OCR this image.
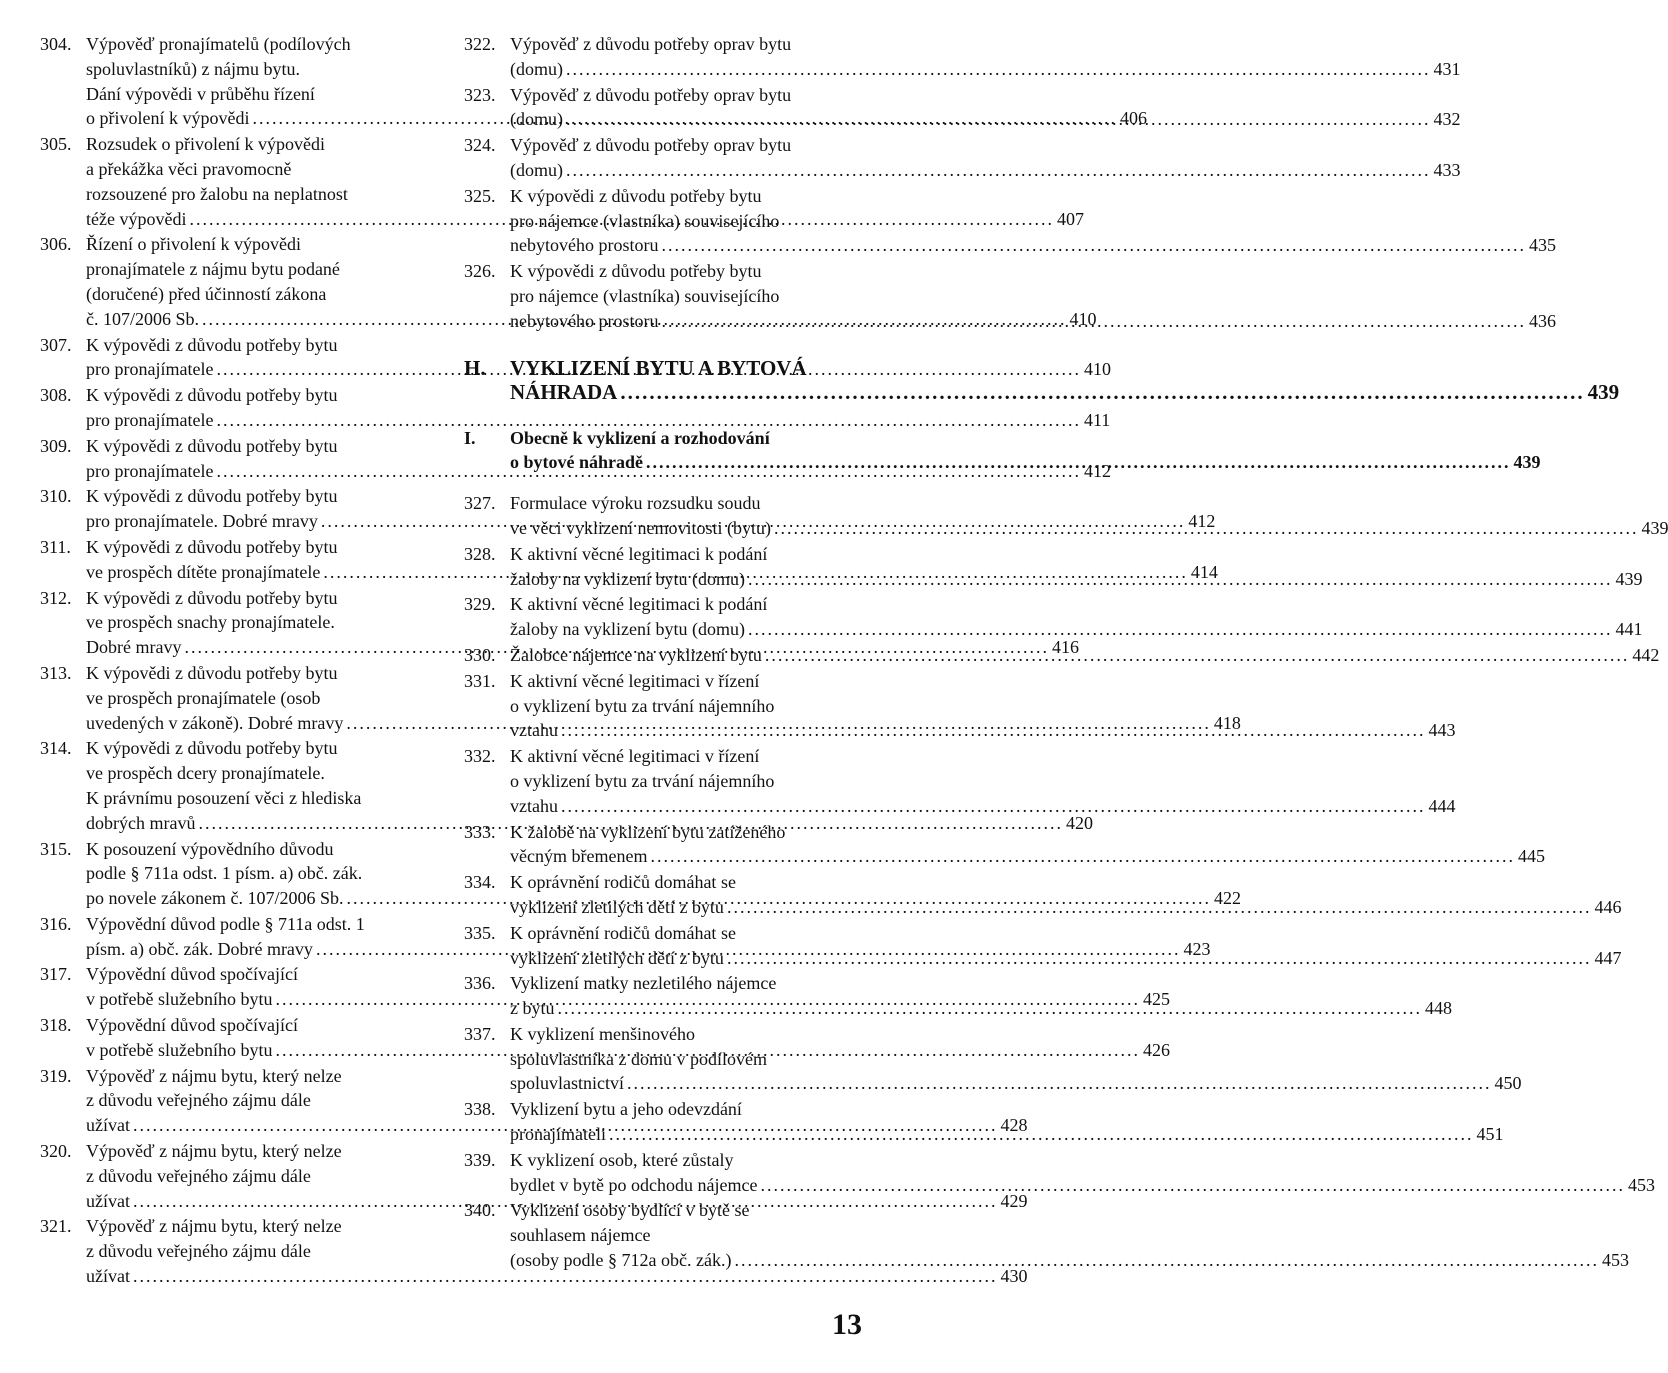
304. Výpověď pronajímatelů (podílových
spoluvlastníků) z nájmu bytu.
Dání výpovědi v průběhu řízení
o přivolení k výpovědi .....	406
305. Rozsudek o přivolení k výpovědi
a překážka věci pravomocně
rozsouzené pro žalobu na neplatnost
téže výpovědi .....	407
306. Řízení o přivolení k výpovědi
pronajímatele z nájmu bytu podané
(doručené) před účinností zákona
č. 107/2006 Sb. .....	410
307. K výpovědi z důvodu potřeby bytu
pro pronajímatele .....	410
308. K výpovědi z důvodu potřeby bytu
pro pronajímatele .....	411
309. K výpovědi z důvodu potřeby bytu
pro pronajímatele .....	412
310. K výpovědi z důvodu potřeby bytu
pro pronajímatele. Dobré mravy .....	412
311. K výpovědi z důvodu potřeby bytu
ve prospěch dítěte pronajímatele .....	414
312. K výpovědi z důvodu potřeby bytu
ve prospěch snachy pronajímatele.
Dobré mravy .....	416
313. K výpovědi z důvodu potřeby bytu
ve prospěch pronajímatele (osob
uvedených v zákoně). Dobré mravy .....	418
314. K výpovědi z důvodu potřeby bytu
ve prospěch dcery pronajímatele.
K právnímu posouzení věci z hlediska
dobrých mravů .....	420
315. K posouzení výpovědního důvodu
podle § 711a odst. 1 písm. a) obč. zák.
po novele zákonem č. 107/2006 Sb. .....	422
316. Výpovědní důvod podle § 711a odst. 1
písm. a) obč. zák. Dobré mravy .....	423
317. Výpovědní důvod spočívající
v potřebě služebního bytu .....	425
318. Výpovědní důvod spočívající
v potřebě služebního bytu .....	426
319. Výpověď z nájmu bytu, který nelze
z důvodu veřejného zájmu dále
užívat .....	428
320. Výpověď z nájmu bytu, který nelze
z důvodu veřejného zájmu dále
užívat .....	429
321. Výpověď z nájmu bytu, který nelze
z důvodu veřejného zájmu dále
užívat .....	430
322. Výpověď z důvodu potřeby oprav bytu
(domu) .....	431
323. Výpověď z důvodu potřeby oprav bytu
(domu) .....	432
324. Výpověď z důvodu potřeby oprav bytu
(domu) .....	433
325. K výpovědi z důvodu potřeby bytu
pro nájemce (vlastníka) souvisejícího
nebytového prostoru .....	435
326. K výpovědi z důvodu potřeby bytu
pro nájemce (vlastníka) souvisejícího
nebytového prostoru .....	436
H.	VYKLIZENÍ BYTU A BYTOVÁ
NÁHRADA .....	439
I.	Obecně k vyklizení a rozhodování
o bytové náhradě .....	439
327. Formulace výroku rozsudku soudu
ve věci vyklizení nemovitosti (bytu) .....	439
328. K aktivní věcné legitimaci k podání
žaloby na vyklizení bytu (domu) .....	439
329. K aktivní věcné legitimaci k podání
žaloby na vyklizení bytu (domu) .....	441
330. Žalobce nájemce na vyklizení bytu .....	442
331. K aktivní věcné legitimaci v řízení
o vyklizení bytu za trvání nájemního
vztahu .....	443
332. K aktivní věcné legitimaci v řízení
o vyklizení bytu za trvání nájemního
vztahu .....	444
333. K žalobě na vyklizení bytu zatíženého
věcným břemenem .....	445
334. K oprávnění rodičů domáhat se
vyklizení zletilých dětí z bytu .....	446
335. K oprávnění rodičů domáhat se
vyklizení zletilých dětí z bytu .....	447
336. Vyklizení matky nezletilého nájemce
z bytu .....	448
337. K vyklizení menšinového
spoluvlastníka z domu v podílovém
spoluvlastnictví .....	450
338. Vyklizení bytu a jeho odevzdání
pronajímateli .....	451
339. K vyklizení osob, které zůstaly
bydlet v bytě po odchodu nájemce .....	453
340. Vyklizení osoby bydlící v bytě se
souhlasem nájemce
(osoby podle § 712a obč. zák.) .....	453
13
